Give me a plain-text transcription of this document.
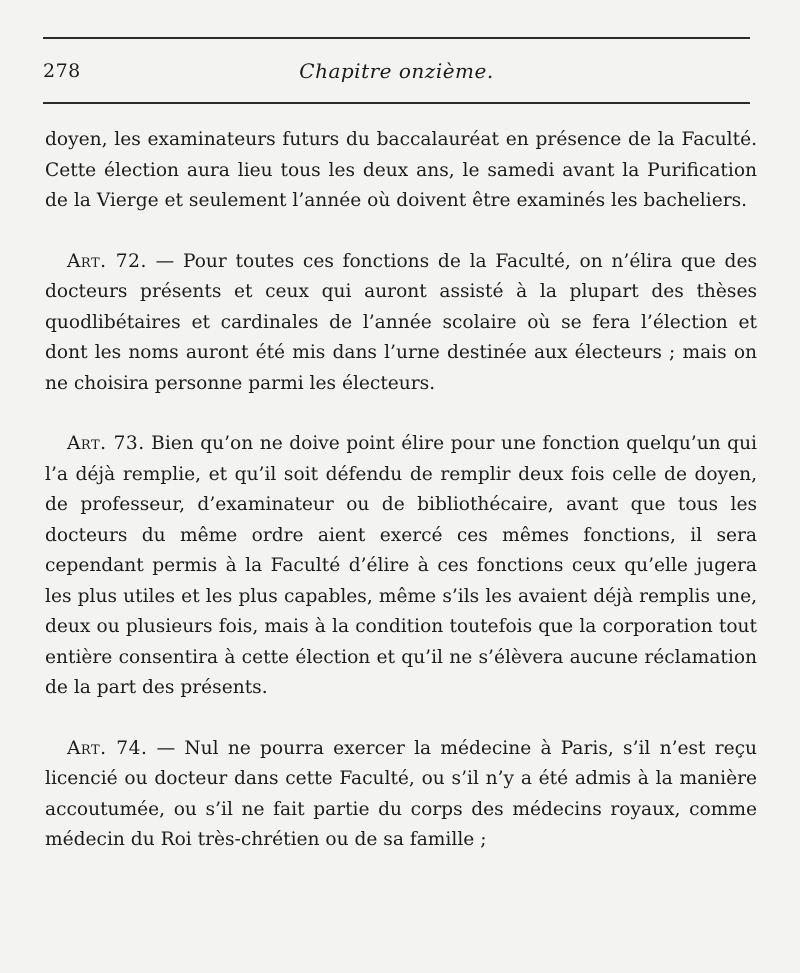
278	Chapitre onzième.

doyen, les examinateurs futurs du baccalauréat en présence de la Faculté. Cette élection aura lieu tous les deux ans, le samedi avant la Purification de la Vierge et seulement l’année où doivent être examinés les bacheliers.

Art. 72. — Pour toutes ces fonctions de la Faculté, on n’élira que des docteurs présents et ceux qui auront assisté à la plupart des thèses quodlibétaires et cardinales de l’année scolaire où se fera l’élection et dont les noms auront été mis dans l’urne destinée aux électeurs ; mais on ne choisira personne parmi les électeurs.

Art. 73. Bien qu’on ne doive point élire pour une fonction quelqu’un qui l’a déjà remplie, et qu’il soit défendu de remplir deux fois celle de doyen, de professeur, d’examinateur ou de bibliothécaire, avant que tous les docteurs du même ordre aient exercé ces mêmes fonctions, il sera cependant permis à la Faculté d’élire à ces fonctions ceux qu’elle jugera les plus utiles et les plus capables, même s’ils les avaient déjà remplis une, deux ou plusieurs fois, mais à la condition toutefois que la corporation tout entière consentira à cette élection et qu’il ne s’élèvera aucune réclamation de la part des présents.

Art. 74. — Nul ne pourra exercer la médecine à Paris, s’il n’est reçu licencié ou docteur dans cette Faculté, ou s’il n’y a été admis à la manière accoutumée, ou s’il ne fait partie du corps des médecins royaux, comme médecin du Roi très-chrétien ou de sa famille ;
